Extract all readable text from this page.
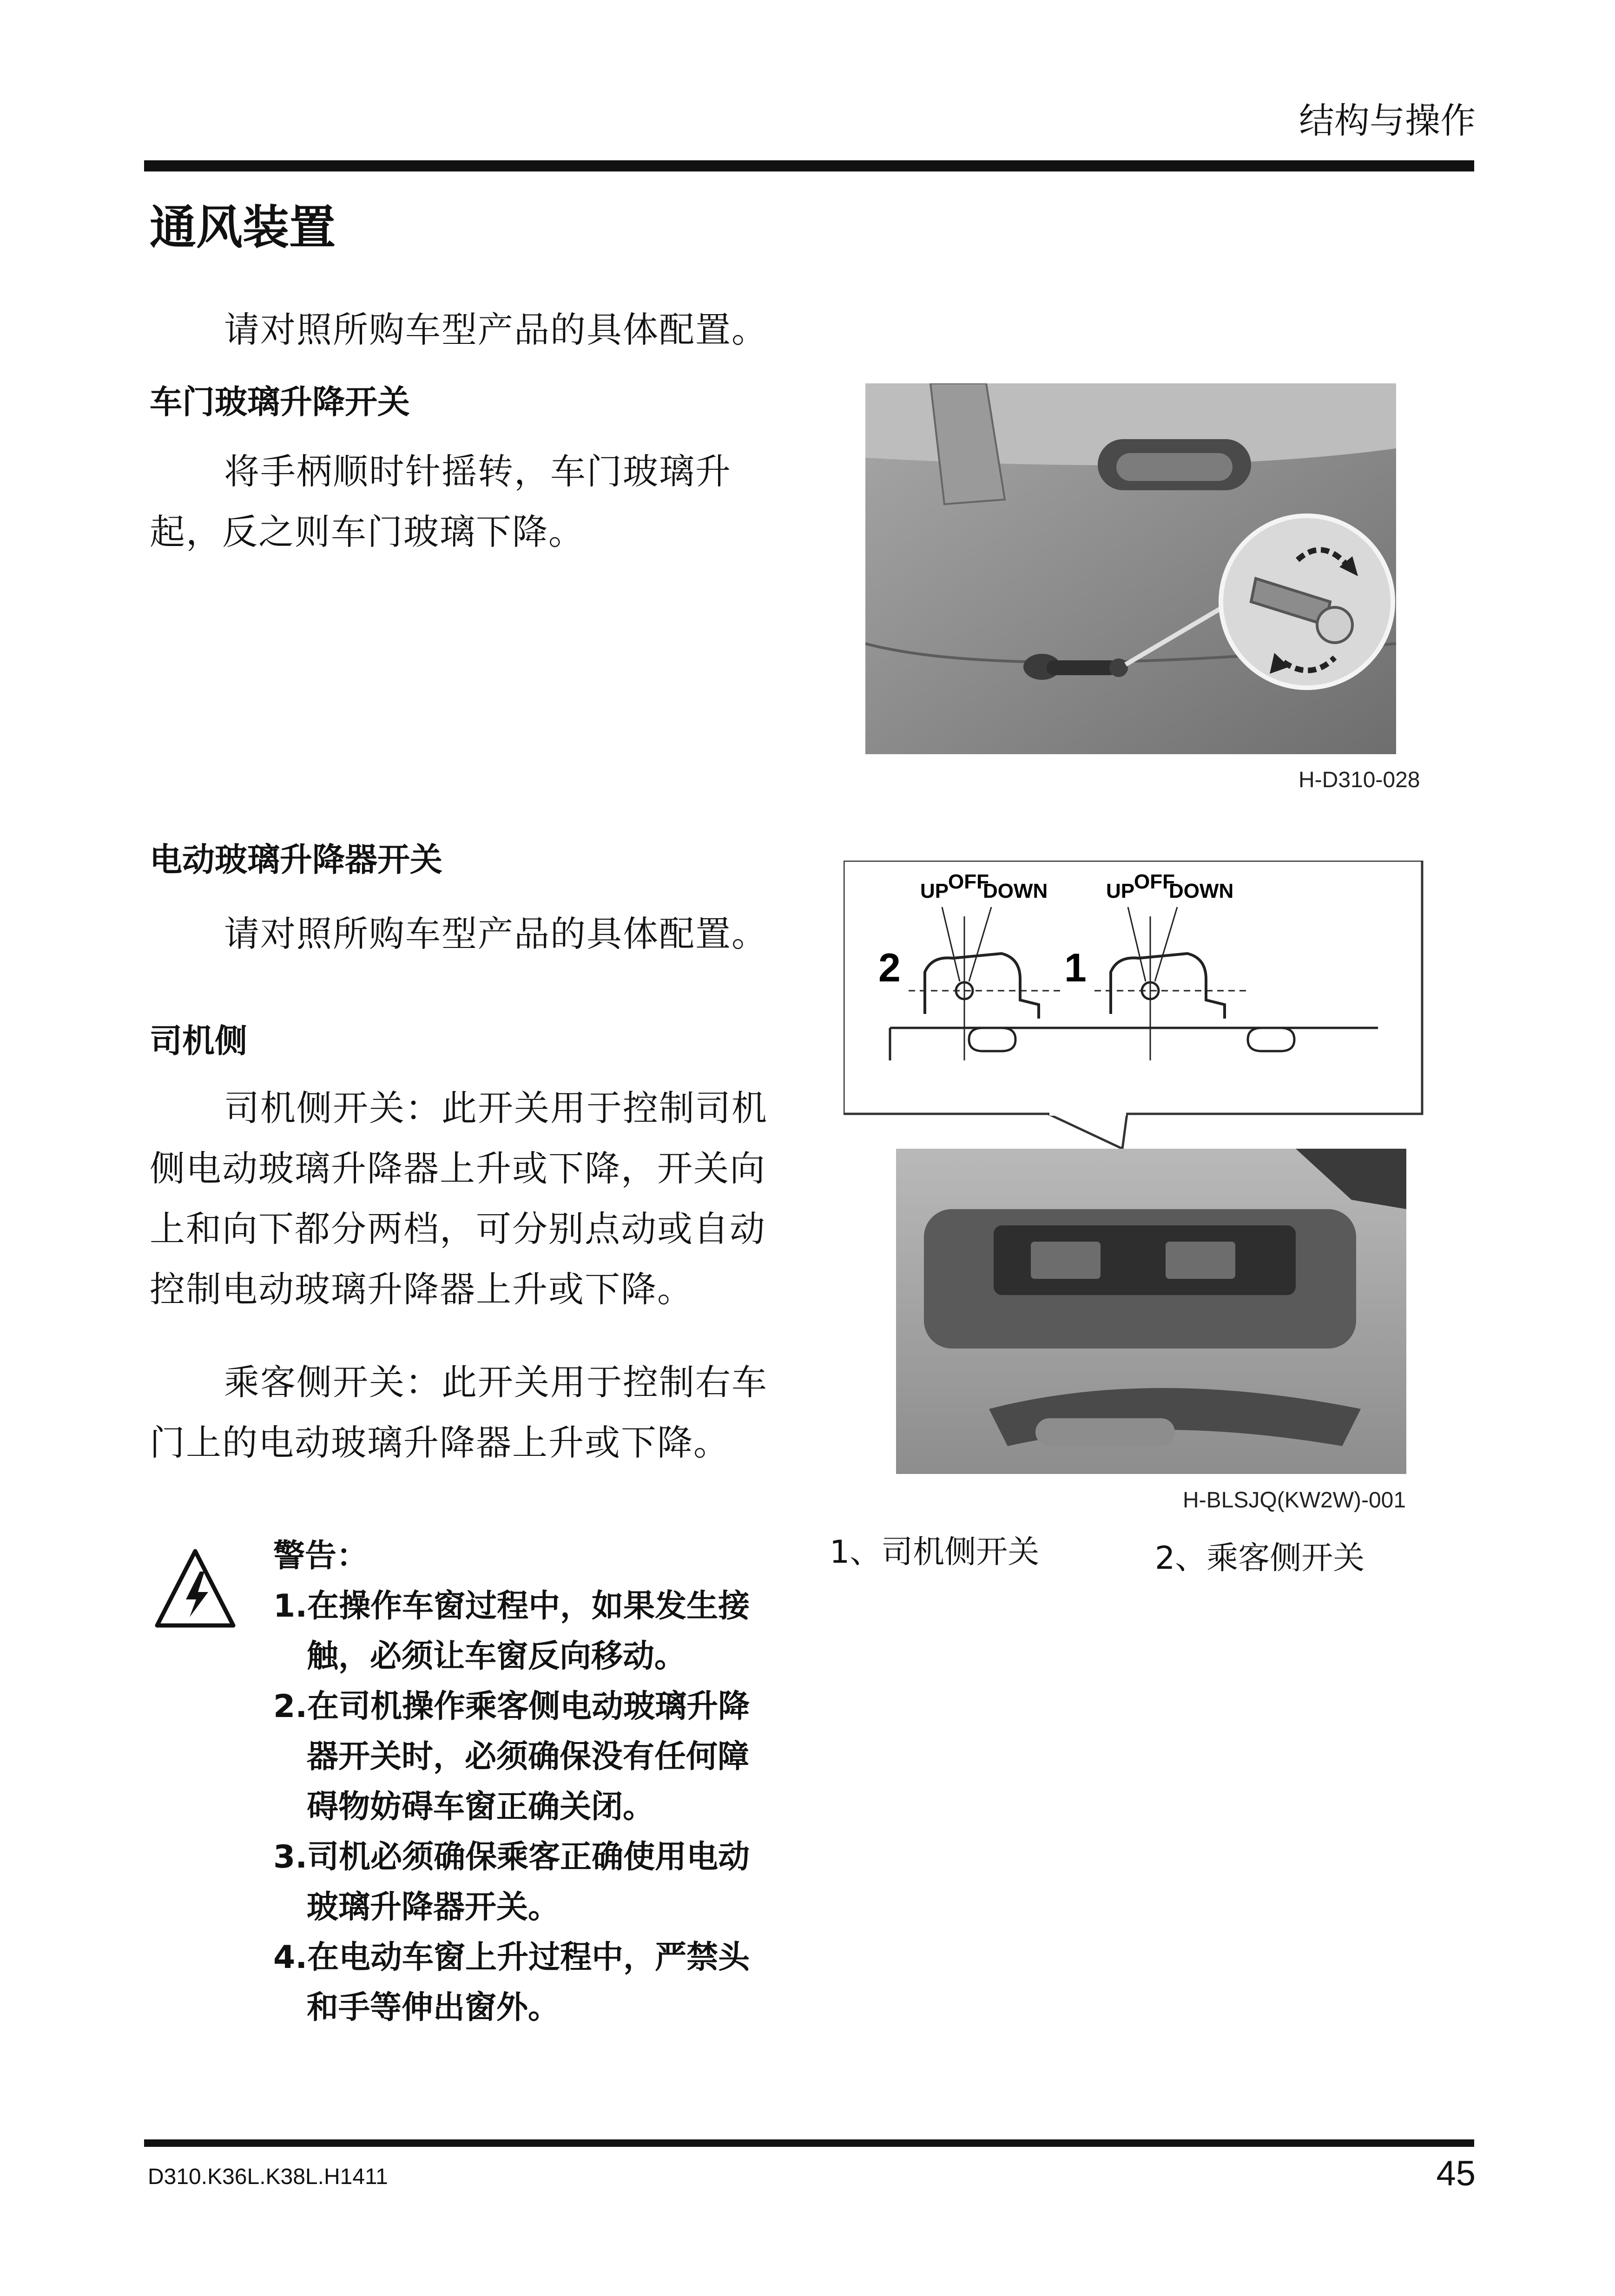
结构与操作
通风装置
请对照所购车型产品的具体配置。
车门玻璃升降开关
将手柄顺时针摇转，车门玻璃升起，反之则车门玻璃下降。
H-D310-028
电动玻璃升降器开关
请对照所购车型产品的具体配置。
司机侧
司机侧开关：此开关用于控制司机侧电动玻璃升降器上升或下降，开关向上和向下都分两档，可分别点动或自动控制电动玻璃升降器上升或下降。
乘客侧开关：此开关用于控制右车门上的电动玻璃升降器上升或下降。
UP
OFF
DOWN
2
UP
OFF
DOWN
1
H-BLSJQ(KW2W)-001
1、司机侧开关	2、乘客侧开关
警告：
1.在操作车窗过程中，如果发生接触，必须让车窗反向移动。
2.在司机操作乘客侧电动玻璃升降器开关时，必须确保没有任何障碍物妨碍车窗正确关闭。
3.司机必须确保乘客正确使用电动玻璃升降器开关。
4.在电动车窗上升过程中，严禁头和手等伸出窗外。
D310.K36L.K38L.H1411	45
